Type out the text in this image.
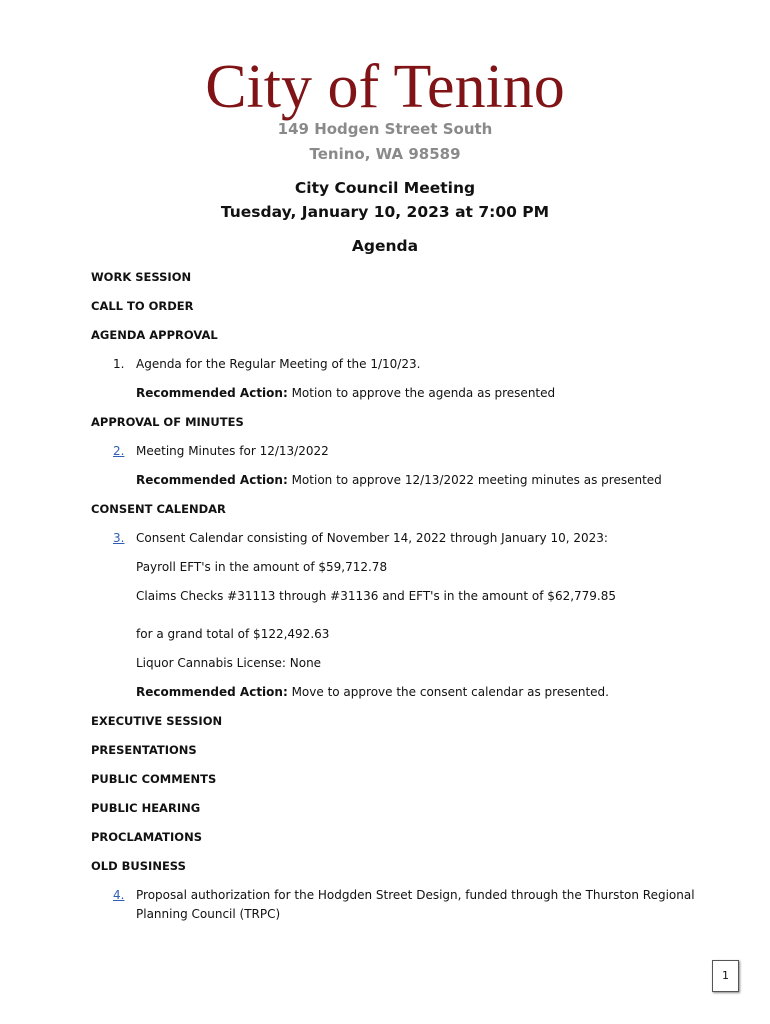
City of Tenino
149 Hodgen Street South
Tenino, WA 98589
City Council Meeting
Tuesday, January 10, 2023 at 7:00 PM
Agenda
WORK SESSION
CALL TO ORDER
AGENDA APPROVAL
1. Agenda for the Regular Meeting of the 1/10/23.
Recommended Action: Motion to approve the agenda as presented
APPROVAL OF MINUTES
2. Meeting Minutes for 12/13/2022
Recommended Action: Motion to approve 12/13/2022 meeting minutes as presented
CONSENT CALENDAR
3. Consent Calendar consisting of November 14, 2022 through January 10, 2023:
Payroll EFT's in the amount of $59,712.78
Claims Checks #31113 through #31136 and EFT's in the amount of $62,779.85
for a grand total of $122,492.63
Liquor Cannabis License: None
Recommended Action: Move to approve the consent calendar as presented.
EXECUTIVE SESSION
PRESENTATIONS
PUBLIC COMMENTS
PUBLIC HEARING
PROCLAMATIONS
OLD BUSINESS
4. Proposal authorization for the Hodgden Street Design, funded through the Thurston Regional
Planning Council (TRPC)
1
